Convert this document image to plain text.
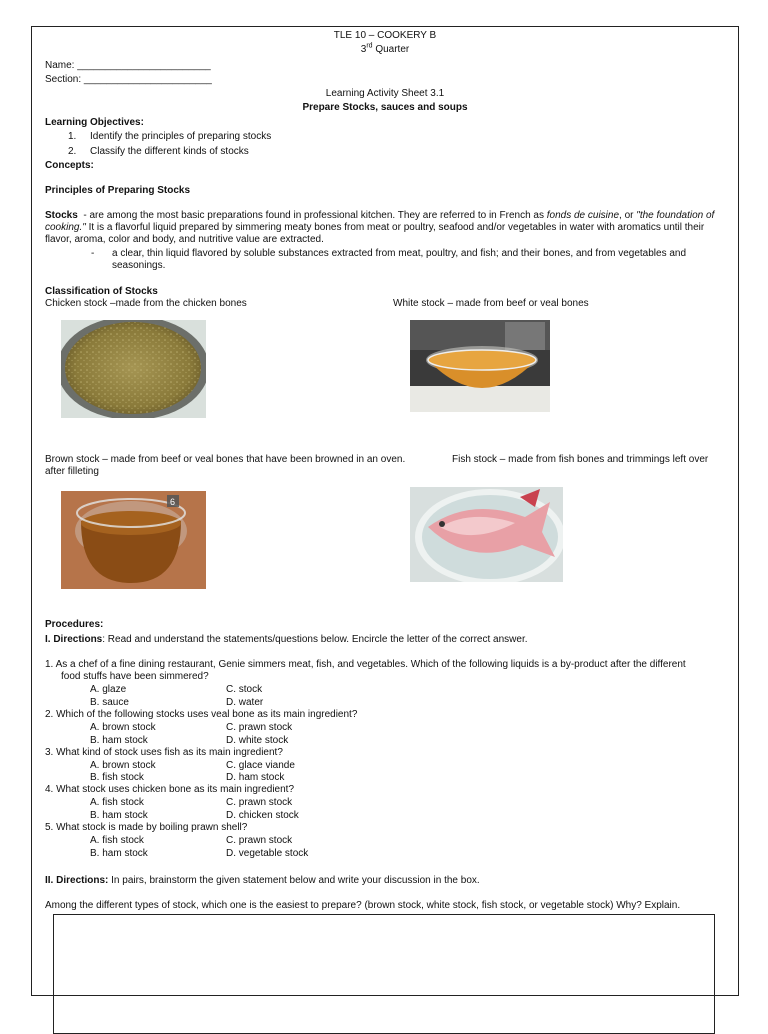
TLE 10 – COOKERY B
3rd Quarter
Name: ________________________
Section: _______________________
Learning Activity Sheet 3.1
Prepare Stocks, sauces and soups
Learning Objectives:
1. Identify the principles of preparing stocks
2. Classify the different kinds of stocks
Concepts:
Principles of Preparing Stocks
Stocks  - are among the most basic preparations found in professional kitchen. They are referred to in French as fonds de cuisine, or "the foundation of cooking." It is a flavorful liquid prepared by simmering meaty bones from meat or poultry, seafood and/or vegetables in water with aromatics until their flavor, aroma, color and body, and nutritive value are extracted.
- a clear, thin liquid flavored by soluble substances extracted from meat, poultry, and fish; and their bones, and from vegetables and seasonings.
Classification of Stocks
Chicken stock –made from the chicken bones	White stock – made from beef or veal bones
Brown stock – made from beef or veal bones that have been browned in an oven.	Fish stock – made from fish bones and trimmings left over
after filleting
6
Procedures:
I. Directions: Read and understand the statements/questions below. Encircle the letter of the correct answer.
1. As a chef of a fine dining restaurant, Genie simmers meat, fish, and vegetables. Which of the following liquids is a by-product after the different
food stuffs have been simmered?
A. glaze	C. stock
B. sauce	D. water
2. Which of the following stocks uses veal bone as its main ingredient?
A. brown stock	C. prawn stock
B. ham stock	D. white stock
3. What kind of stock uses fish as its main ingredient?
A. brown stock	C. glace viande
B. fish stock	D. ham stock
4. What stock uses chicken bone as its main ingredient?
A. fish stock	C. prawn stock
B. ham stock	D. chicken stock
5. What stock is made by boiling prawn shell?
A. fish stock	C. prawn stock
B. ham stock	D. vegetable stock
II. Directions: In pairs, brainstorm the given statement below and write your discussion in the box.
Among the different types of stock, which one is the easiest to prepare? (brown stock, white stock, fish stock, or vegetable stock) Why? Explain.
